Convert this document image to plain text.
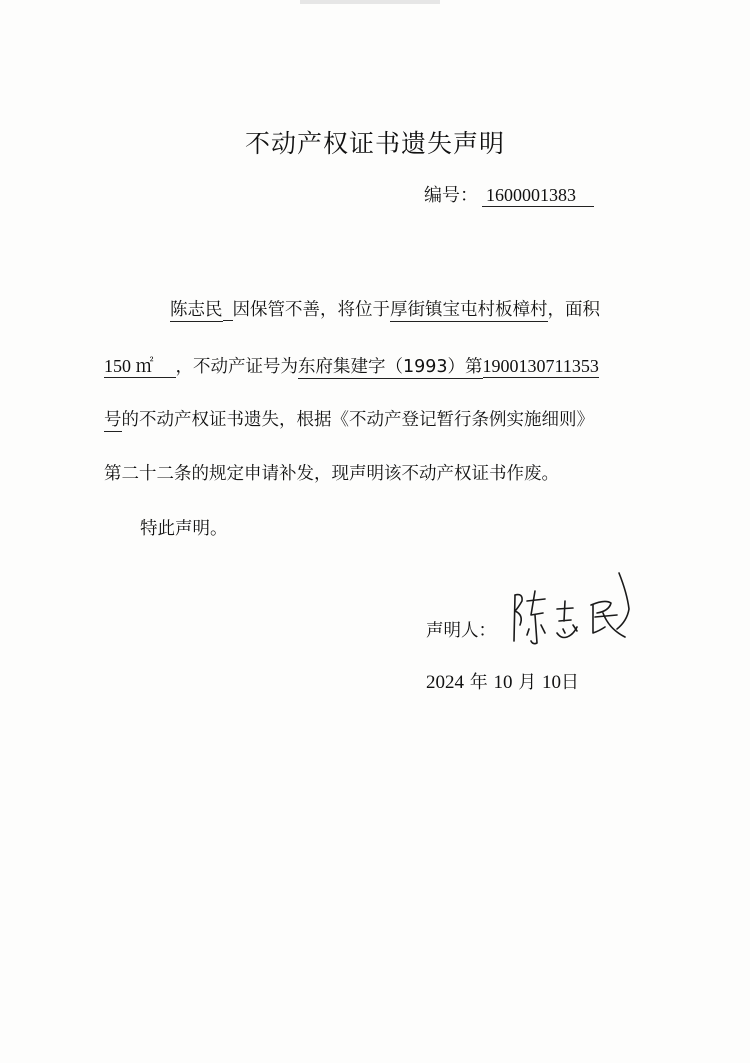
不动产权证书遗失声明
编号： 1600001383
陈志民 因保管不善，将位于厚街镇宝屯村板樟村，面积
150 ㎡ ，不动产证号为东府集建字（1993）第1900130711353
号的不动产权证书遗失，根据《不动产登记暂行条例实施细则》
第二十二条的规定申请补发，现声明该不动产权证书作废。
特此声明。
声明人：
2024 年 10 月 10日
